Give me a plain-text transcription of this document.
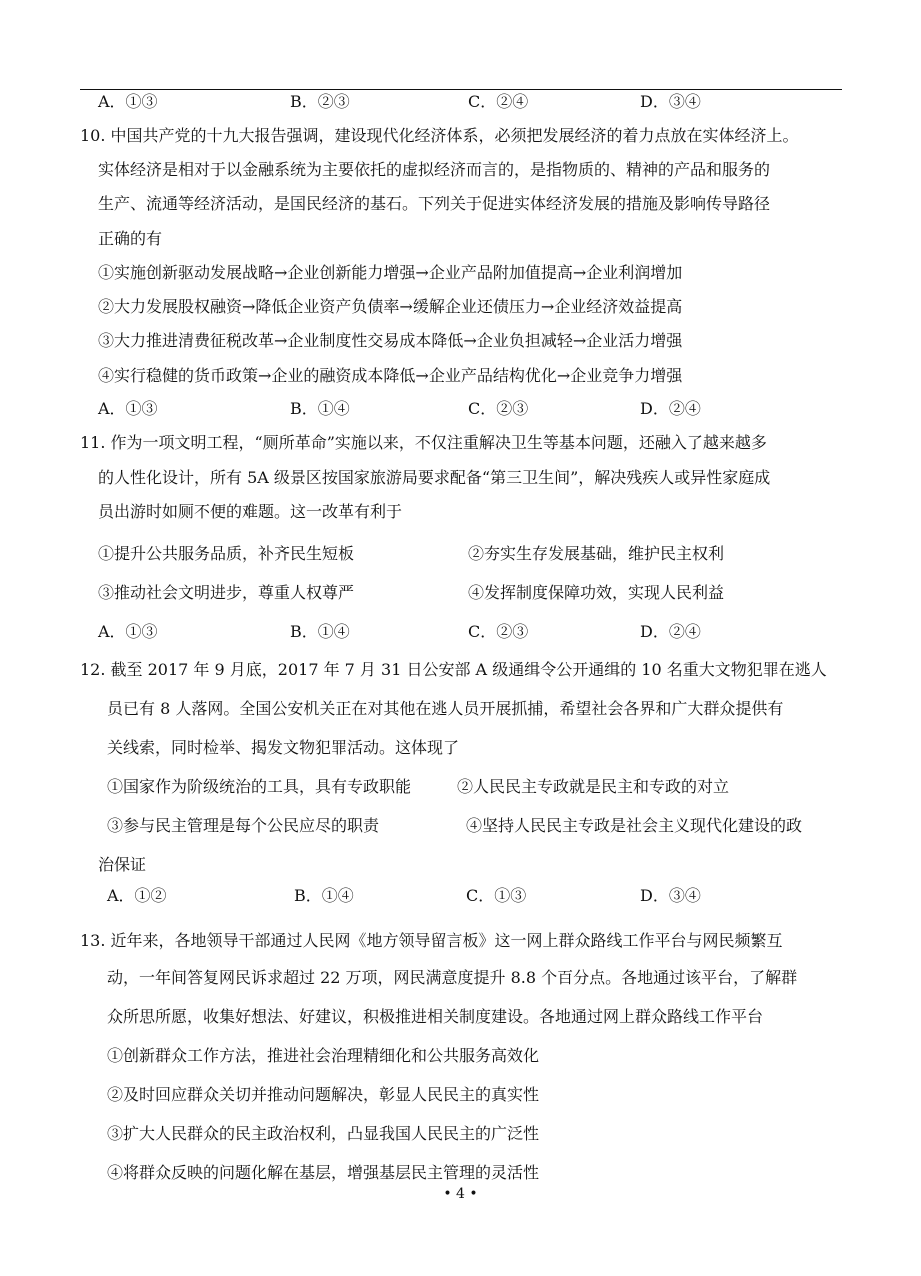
A．①③	B．②③	C．②④	D．③④
10. 中国共产党的十九大报告强调，建设现代化经济体系，必须把发展经济的着力点放在实体经济上。
实体经济是相对于以金融系统为主要依托的虚拟经济而言的，是指物质的、精神的产品和服务的
生产、流通等经济活动，是国民经济的基石。下列关于促进实体经济发展的措施及影响传导路径
正确的有
①实施创新驱动发展战略→企业创新能力增强→企业产品附加值提高→企业利润增加
②大力发展股权融资→降低企业资产负债率→缓解企业还债压力→企业经济效益提高
③大力推进清费征税改革→企业制度性交易成本降低→企业负担减轻→企业活力增强
④实行稳健的货币政策→企业的融资成本降低→企业产品结构优化→企业竞争力增强
A．①③	B．①④	C．②③	D．②④
11. 作为一项文明工程，“厕所革命”实施以来，不仅注重解决卫生等基本问题，还融入了越来越多
的人性化设计，所有 5A 级景区按国家旅游局要求配备“第三卫生间”，解决残疾人或异性家庭成
员出游时如厕不便的难题。这一改革有利于
①提升公共服务品质，补齐民生短板	②夯实生存发展基础，维护民主权利
③推动社会文明进步，尊重人权尊严	④发挥制度保障功效，实现人民利益
A．①③	B．①④	C．②③	D．②④
12. 截至 2017 年 9 月底，2017 年 7 月 31 日公安部 A 级通缉令公开通缉的 10 名重大文物犯罪在逃人
员已有 8 人落网。全国公安机关正在对其他在逃人员开展抓捕，希望社会各界和广大群众提供有
关线索，同时检举、揭发文物犯罪活动。这体现了
①国家作为阶级统治的工具，具有专政职能	②人民民主专政就是民主和专政的对立
③参与民主管理是每个公民应尽的职责	④坚持人民民主专政是社会主义现代化建设的政
治保证
A．①②	B．①④	C．①③	D．③④
13. 近年来，各地领导干部通过人民网《地方领导留言板》这一网上群众路线工作平台与网民频繁互
动，一年间答复网民诉求超过 22 万项，网民满意度提升 8.8 个百分点。各地通过该平台，了解群
众所思所愿，收集好想法、好建议，积极推进相关制度建设。各地通过网上群众路线工作平台
①创新群众工作方法，推进社会治理精细化和公共服务高效化
②及时回应群众关切并推动问题解决，彰显人民民主的真实性
③扩大人民群众的民主政治权利，凸显我国人民民主的广泛性
④将群众反映的问题化解在基层，增强基层民主管理的灵活性
• 4 •
